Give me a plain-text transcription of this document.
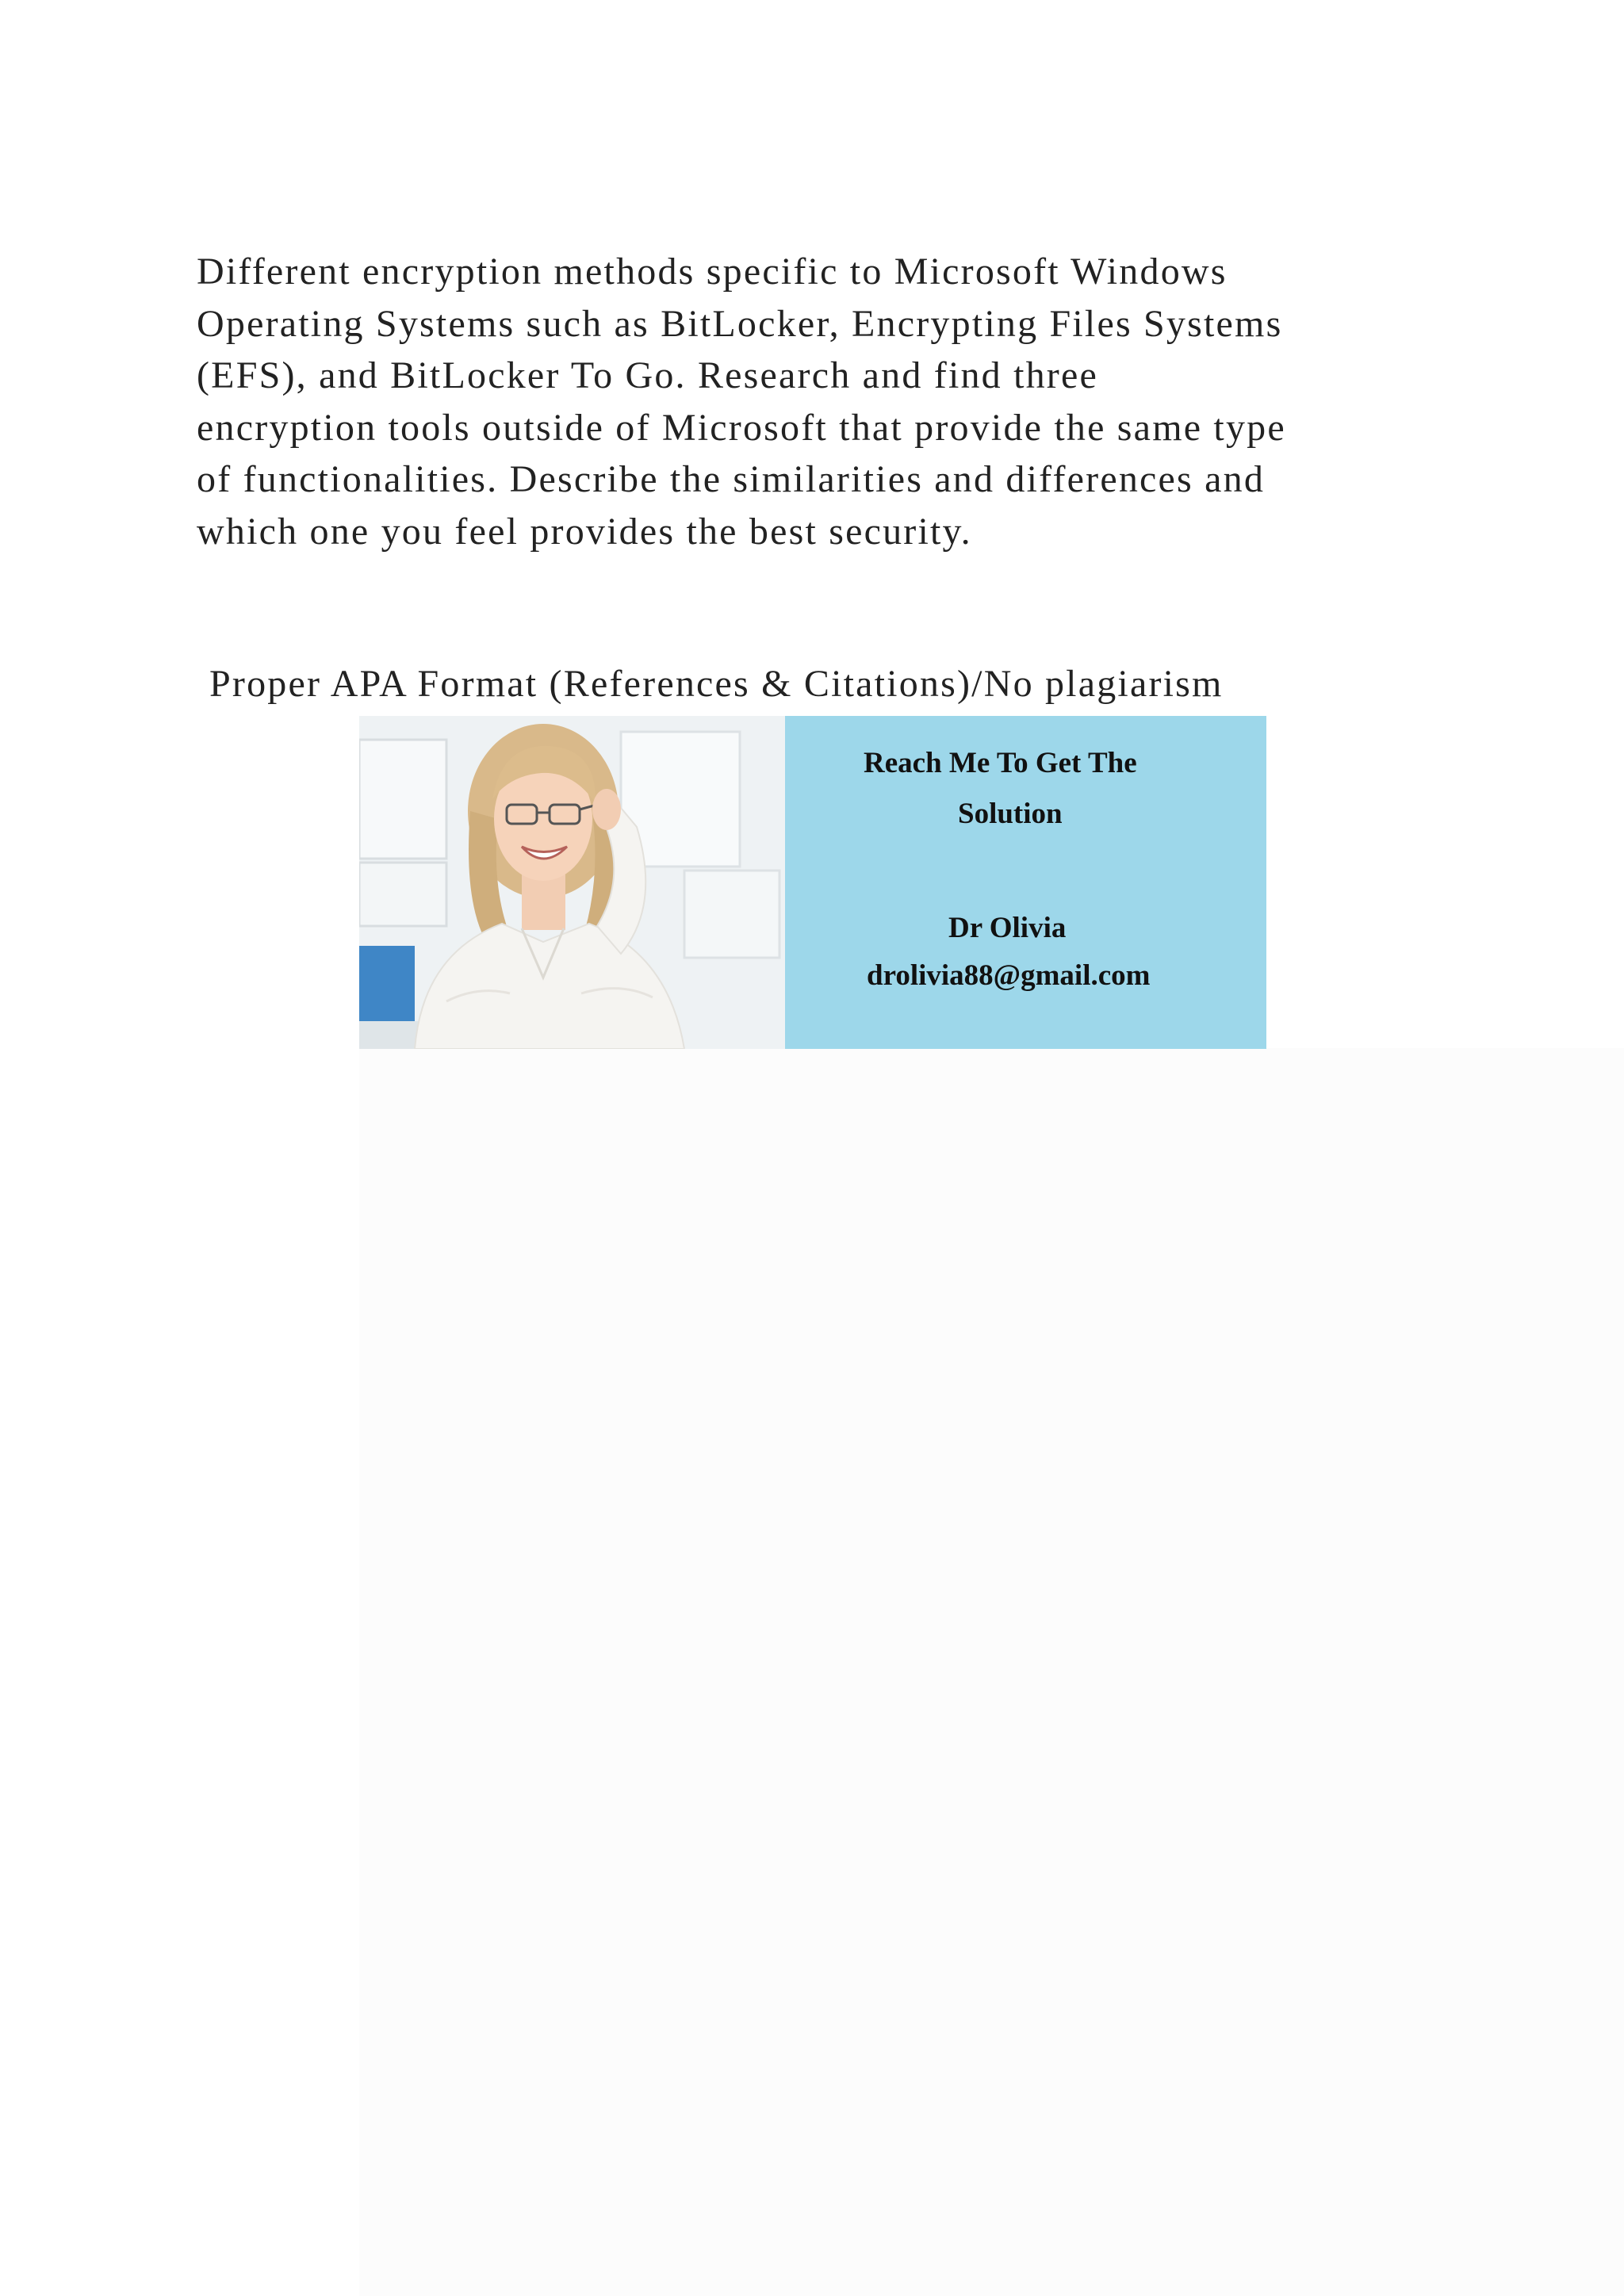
Different encryption methods specific to Microsoft Windows
Operating Systems such as BitLocker, Encrypting Files Systems
(EFS), and BitLocker To Go. Research and find three
encryption tools outside of Microsoft that provide the same type
of functionalities. Describe the similarities and differences and
which one you feel provides the best security.
Proper APA Format (References & Citations)/No plagiarism
Reach Me To Get The
Solution
Dr Olivia
drolivia88@gmail.com
